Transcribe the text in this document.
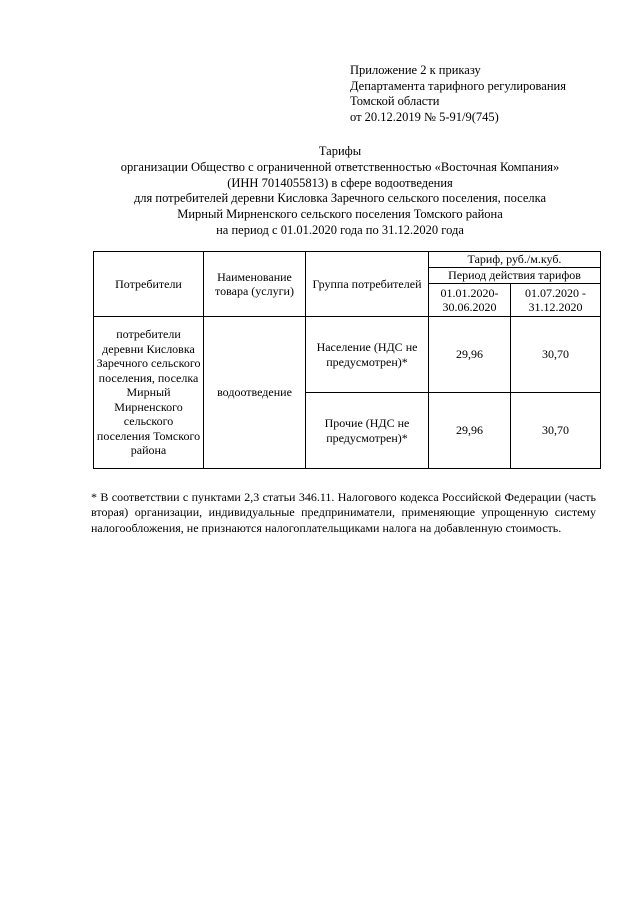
Приложение 2 к приказу
Департамента тарифного регулирования
Томской области
от 20.12.2019 № 5-91/9(745)
Тарифы
организации Общество с ограниченной ответственностью «Восточная Компания»
(ИНН 7014055813) в сфере водоотведения
для потребителей деревни Кисловка Заречного сельского поселения, поселка
Мирный Мирненского сельского поселения Томского района
на период с 01.01.2020 года по 31.12.2020 года
Потребители	Наименование товара (услуги)	Группа потребителей	Тариф, руб./м.куб.	
			Период действия тарифов	
			01.01.2020-30.06.2020	01.07.2020 - 31.12.2020
потребители деревни Кисловка Заречного сельского поселения, поселка Мирный Мирненского сельского поселения Томского района	водоотведение	Население (НДС не предусмотрен)*	29,96	30,70
		Прочие (НДС не предусмотрен)*	29,96	30,70
* В соответствии с пунктами 2,3 статьи 346.11. Налогового кодекса Российской Федерации (часть вторая) организации, индивидуальные предприниматели, применяющие упрощенную систему налогообложения, не признаются налогоплательщиками налога на добавленную стоимость.
